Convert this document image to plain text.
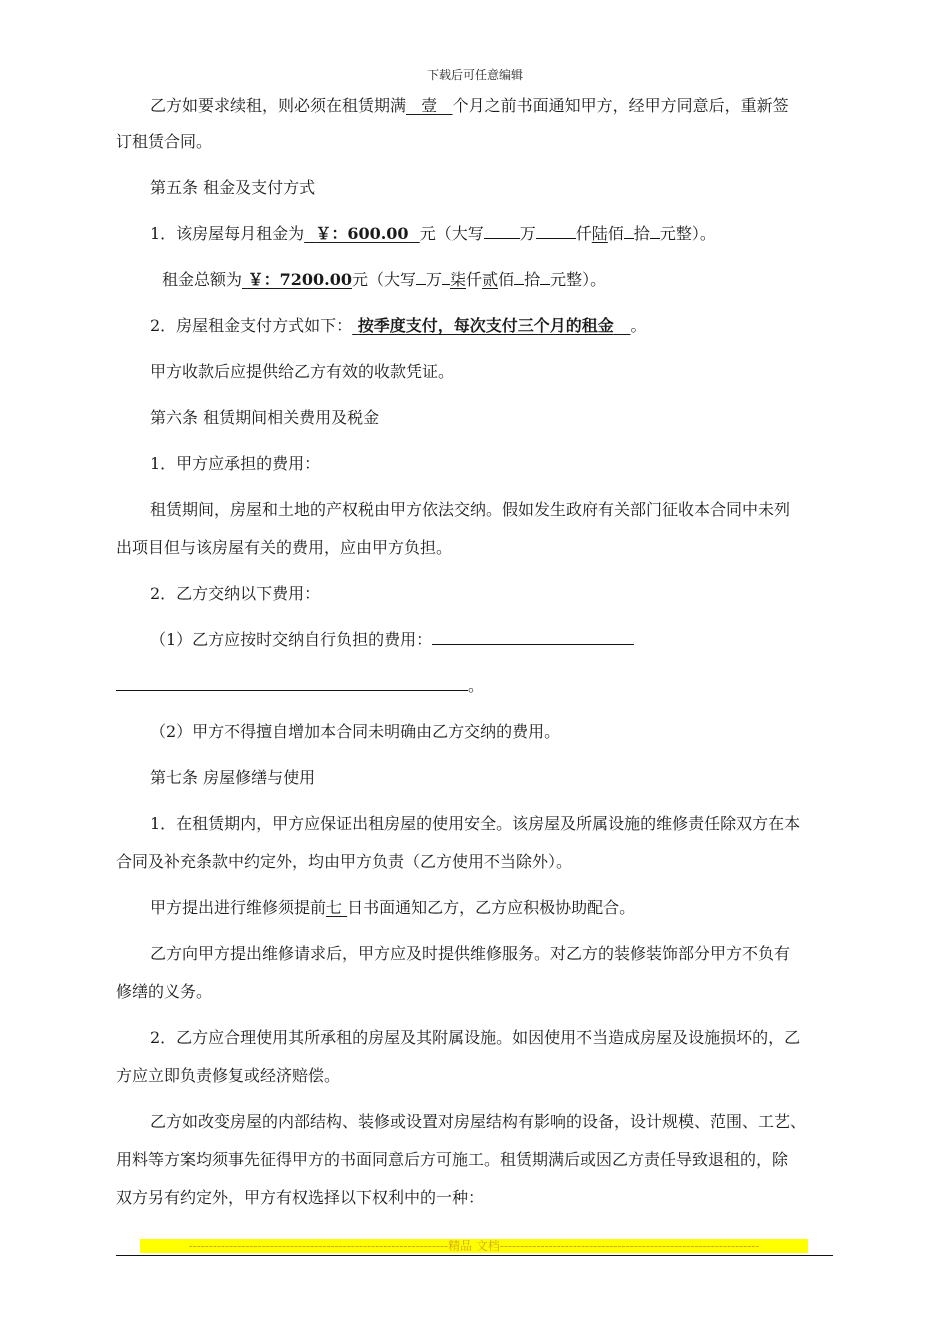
下载后可任意编辑
乙方如要求续租，则必须在租赁期满 壹 个月之前书面通知甲方，经甲方同意后，重新签
订租赁合同。
第五条 租金及支付方式
1．该房屋每月租金为 ￥：600.00 元（大写 万	仟陆佰 拾 元整）。
租金总额为 ￥：7200.00元（大写 万 柒仟贰佰 拾 元整）。
2．房屋租金支付方式如下： 按季度支付，每次支付三个月的租金 。
甲方收款后应提供给乙方有效的收款凭证。
第六条 租赁期间相关费用及税金
1．甲方应承担的费用：
租赁期间，房屋和土地的产权税由甲方依法交纳。假如发生政府有关部门征收本合同中未列
出项目但与该房屋有关的费用，应由甲方负担。
2．乙方交纳以下费用：
（1）乙方应按时交纳自行负担的费用：
。
（2）甲方不得擅自增加本合同未明确由乙方交纳的费用。
第七条 房屋修缮与使用
1．在租赁期内，甲方应保证出租房屋的使用安全。该房屋及所属设施的维修责任除双方在本
合同及补充条款中约定外，均由甲方负责（乙方使用不当除外）。
甲方提出进行维修须提前七 日书面通知乙方，乙方应积极协助配合。
乙方向甲方提出维修请求后，甲方应及时提供维修服务。对乙方的装修装饰部分甲方不负有
修缮的义务。
2．乙方应合理使用其所承租的房屋及其附属设施。如因使用不当造成房屋及设施损坏的，乙
方应立即负责修复或经济赔偿。
乙方如改变房屋的内部结构、装修或设置对房屋结构有影响的设备，设计规模、范围、工艺、
用料等方案均须事先征得甲方的书面同意后方可施工。租赁期满后或因乙方责任导致退租的，除
双方另有约定外，甲方有权选择以下权利中的一种：
----------------------------------------------------------------精品 文档----------------------------------------------------------------
